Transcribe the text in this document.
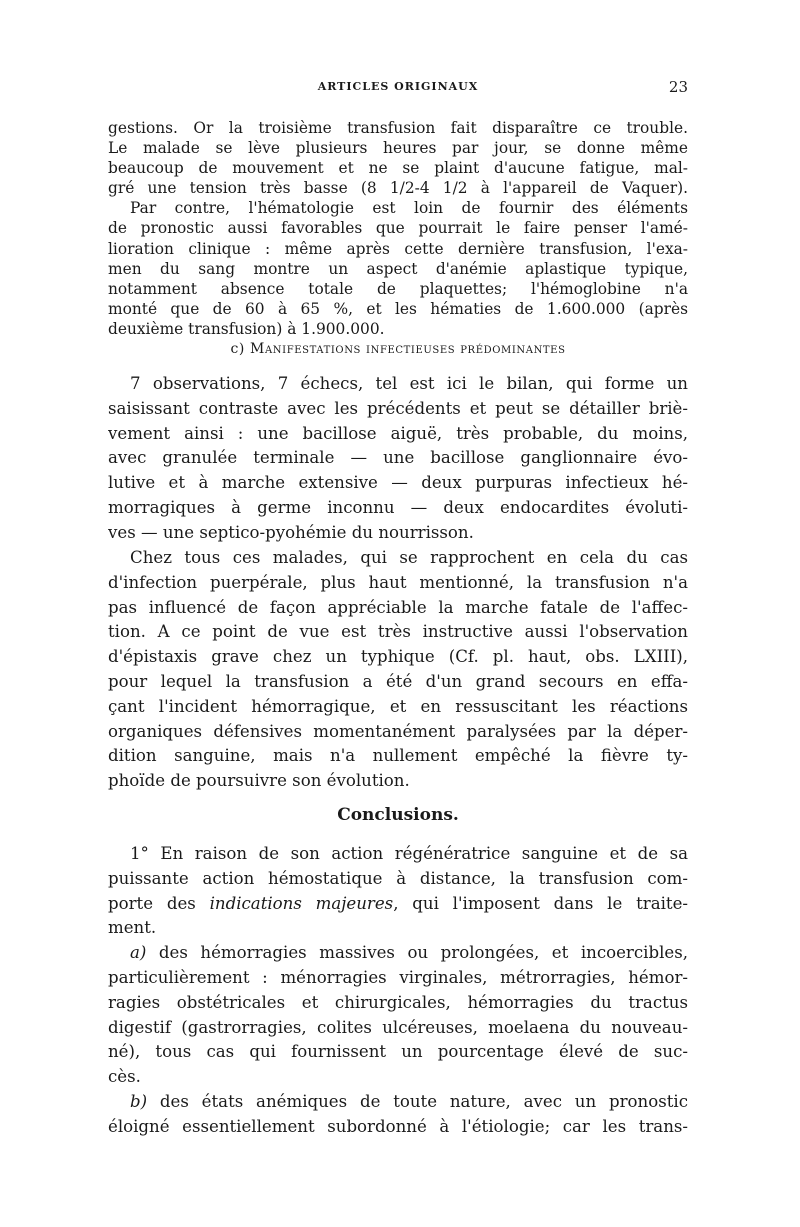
ARTICLES ORIGINAUX	23
gestions. Or la troisième transfusion fait disparaître ce trouble.
Le malade se lève plusieurs heures par jour, se donne même
beaucoup de mouvement et ne se plaint d'aucune fatigue, mal-
gré une tension très basse (8 1/2-4 1/2 à l'appareil de Vaquer).
Par contre, l'hématologie est loin de fournir des éléments
de pronostic aussi favorables que pourrait le faire penser l'amé-
lioration clinique : même après cette dernière transfusion, l'exa-
men du sang montre un aspect d'anémie aplastique typique,
notamment absence totale de plaquettes; l'hémoglobine n'a
monté que de 60 à 65 %, et les hématies de 1.600.000 (après
deuxième transfusion) à 1.900.000.
c) Manifestations infectieuses prédominantes
7 observations, 7 échecs, tel est ici le bilan, qui forme un
saisissant contraste avec les précédents et peut se détailler briè-
vement ainsi : une bacillose aiguë, très probable, du moins,
avec granulée terminale — une bacillose ganglionnaire évo-
lutive et à marche extensive — deux purpuras infectieux hé-
morragiques à germe inconnu — deux endocardites évoluti-
ves — une septico-pyohémie du nourrisson.
Chez tous ces malades, qui se rapprochent en cela du cas
d'infection puerpérale, plus haut mentionné, la transfusion n'a
pas influencé de façon appréciable la marche fatale de l'affec-
tion. A ce point de vue est très instructive aussi l'observation
d'épistaxis grave chez un typhique (Cf. pl. haut, obs. LXIII),
pour lequel la transfusion a été d'un grand secours en effa-
çant l'incident hémorragique, et en ressuscitant les réactions
organiques défensives momentanément paralysées par la déper-
dition sanguine, mais n'a nullement empêché la fièvre ty-
phoïde de poursuivre son évolution.
Conclusions.
1° En raison de son action régénératrice sanguine et de sa
puissante action hémostatique à distance, la transfusion com-
porte des indications majeures, qui l'imposent dans le traite-
ment.
a) des hémorragies massives ou prolongées, et incoercibles,
particulièrement : ménorragies virginales, métrorragies, hémor-
ragies obstétricales et chirurgicales, hémorragies du tractus
digestif (gastrorragies, colites ulcéreuses, moelaena du nouveau-
né), tous cas qui fournissent un pourcentage élevé de suc-
cès.
b) des états anémiques de toute nature, avec un pronostic
éloigné essentiellement subordonné à l'étiologie; car les trans-
